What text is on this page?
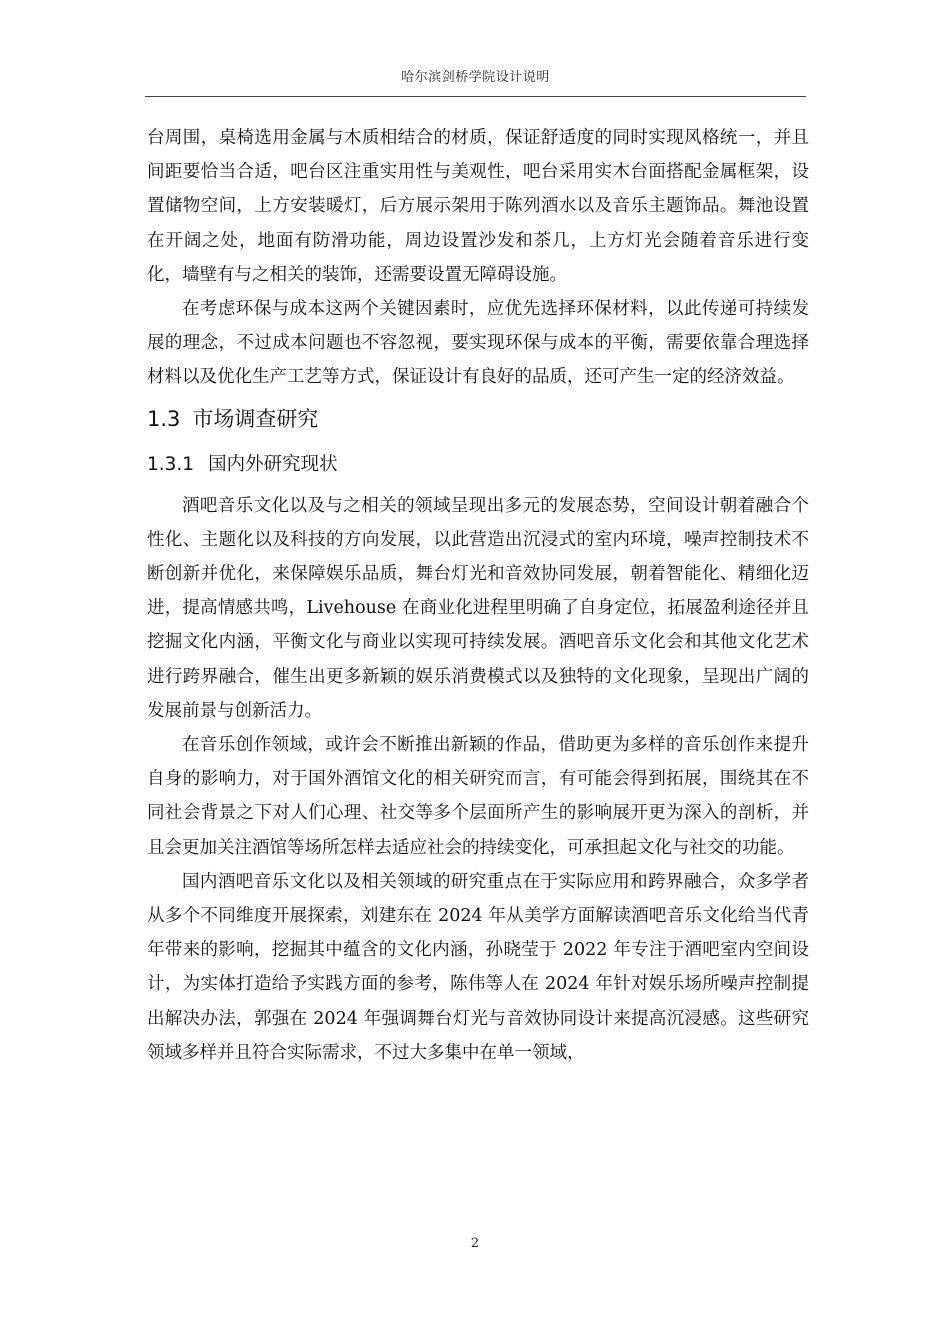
哈尔滨剑桥学院设计说明

台周围，桌椅选用金属与木质相结合的材质，保证舒适度的同时实现风格统一，并且间距要恰当合适，吧台区注重实用性与美观性，吧台采用实木台面搭配金属框架，设置储物空间，上方安装暖灯，后方展示架用于陈列酒水以及音乐主题饰品。舞池设置在开阔之处，地面有防滑功能，周边设置沙发和茶几，上方灯光会随着音乐进行变化，墙壁有与之相关的装饰，还需要设置无障碍设施。

在考虑环保与成本这两个关键因素时，应优先选择环保材料，以此传递可持续发展的理念，不过成本问题也不容忽视，要实现环保与成本的平衡，需要依靠合理选择材料以及优化生产工艺等方式，保证设计有良好的品质，还可产生一定的经济效益。

1.3 市场调查研究
1.3.1 国内外研究现状

酒吧音乐文化以及与之相关的领域呈现出多元的发展态势，空间设计朝着融合个性化、主题化以及科技的方向发展，以此营造出沉浸式的室内环境，噪声控制技术不断创新并优化，来保障娱乐品质，舞台灯光和音效协同发展，朝着智能化、精细化迈进，提高情感共鸣，Livehouse 在商业化进程里明确了自身定位，拓展盈利途径并且挖掘文化内涵，平衡文化与商业以实现可持续发展。酒吧音乐文化会和其他文化艺术进行跨界融合，催生出更多新颖的娱乐消费模式以及独特的文化现象，呈现出广阔的发展前景与创新活力。

在音乐创作领域，或许会不断推出新颖的作品，借助更为多样的音乐创作来提升自身的影响力，对于国外酒馆文化的相关研究而言，有可能会得到拓展，围绕其在不同社会背景之下对人们心理、社交等多个层面所产生的影响展开更为深入的剖析，并且会更加关注酒馆等场所怎样去适应社会的持续变化，可承担起文化与社交的功能。

国内酒吧音乐文化以及相关领域的研究重点在于实际应用和跨界融合，众多学者从多个不同维度开展探索，刘建东在 2024 年从美学方面解读酒吧音乐文化给当代青年带来的影响，挖掘其中蕴含的文化内涵，孙晓莹于 2022 年专注于酒吧室内空间设计，为实体打造给予实践方面的参考，陈伟等人在 2024 年针对娱乐场所噪声控制提出解决办法，郭强在 2024 年强调舞台灯光与音效协同设计来提高沉浸感。这些研究领域多样并且符合实际需求，不过大多集中在单一领域，

2
